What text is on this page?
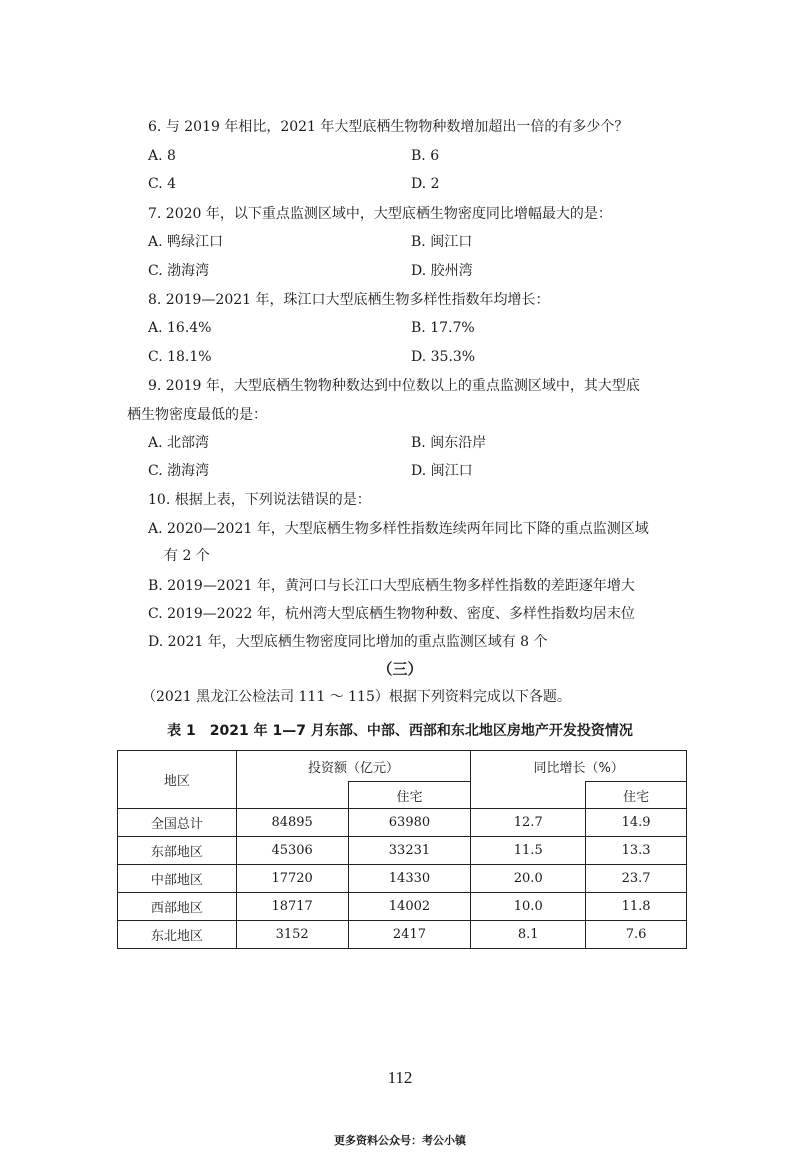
6. 与 2019 年相比，2021 年大型底栖生物物种数增加超出一倍的有多少个？
A. 8	B. 6
C. 4	D. 2
7. 2020 年，以下重点监测区域中，大型底栖生物密度同比增幅最大的是：
A. 鸭绿江口	B. 闽江口
C. 渤海湾	D. 胶州湾
8. 2019—2021 年，珠江口大型底栖生物多样性指数年均增长：
A. 16.4%	B. 17.7%
C. 18.1%	D. 35.3%
9. 2019 年，大型底栖生物物种数达到中位数以上的重点监测区域中，其大型底
栖生物密度最低的是：
A. 北部湾	B. 闽东沿岸
C. 渤海湾	D. 闽江口
10. 根据上表，下列说法错误的是：
A. 2020—2021 年，大型底栖生物多样性指数连续两年同比下降的重点监测区域
有 2 个
B. 2019—2021 年，黄河口与长江口大型底栖生物多样性指数的差距逐年增大
C. 2019—2022 年，杭州湾大型底栖生物物种数、密度、多样性指数均居末位
D. 2021 年，大型底栖生物密度同比增加的重点监测区域有 8 个
（三）
（2021 黑龙江公检法司 111 ～ 115）根据下列资料完成以下各题。
表 1　2021 年 1—7 月东部、中部、西部和东北地区房地产开发投资情况
地区	投资额（亿元）		同比增长（%）	
		住宅		住宅
全国总计	84895	63980	12.7	14.9
东部地区	45306	33231	11.5	13.3
中部地区	17720	14330	20.0	23.7
西部地区	18717	14002	10.0	11.8
东北地区	3152	2417	8.1	7.6
112
更多资料公众号：考公小镇
